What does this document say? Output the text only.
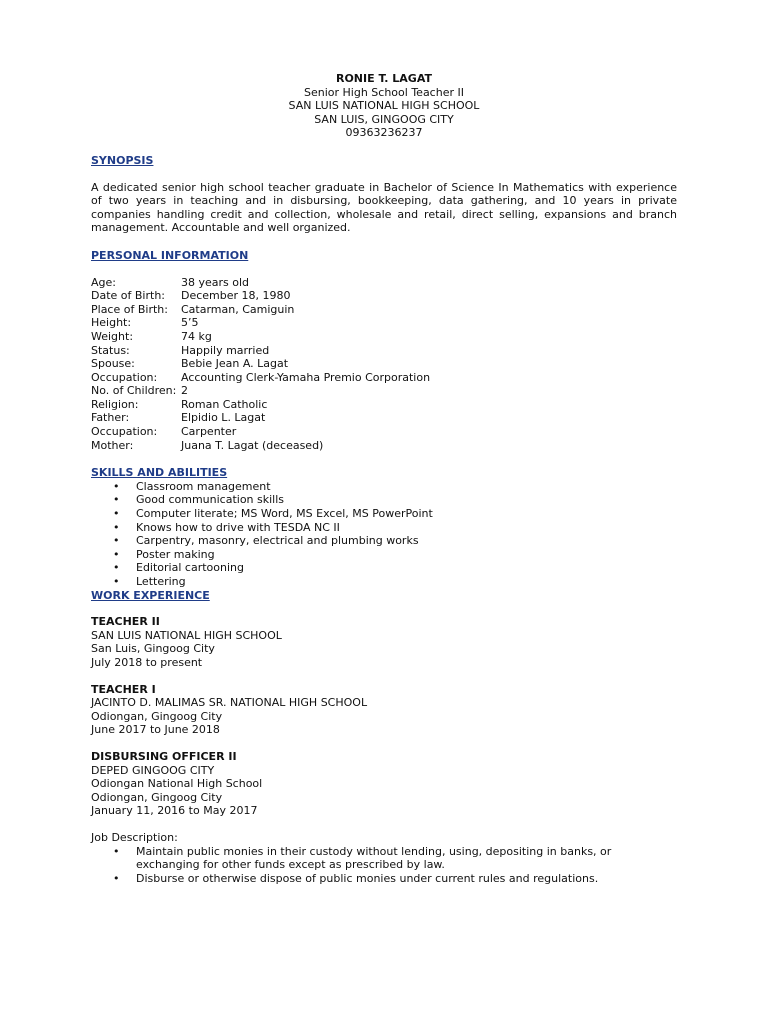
RONIE T. LAGAT
Senior High School Teacher II
SAN LUIS NATIONAL HIGH SCHOOL
SAN LUIS, GINGOOG CITY
09363236237
SYNOPSIS

A dedicated senior high school teacher graduate in Bachelor of Science In Mathematics with experience of two years in teaching and in disbursing, bookkeeping, data gathering, and 10 years in private companies handling credit and collection, wholesale and retail, direct selling, expansions and branch management. Accountable and well organized.

PERSONAL INFORMATION
Age:	38 years old
Date of Birth:	December 18, 1980
Place of Birth:	Catarman, Camiguin
Height:	5’5
Weight:	74 kg
Status:	Happily married
Spouse:	Bebie Jean A. Lagat
Occupation:	Accounting Clerk-Yamaha Premio Corporation
No. of Children: 2
Religion:	Roman Catholic
Father:	Elpidio L. Lagat
Occupation:	Carpenter
Mother:	Juana T. Lagat (deceased)
SKILLS AND ABILITIES
• Classroom management
• Good communication skills
• Computer literate; MS Word, MS Excel, MS PowerPoint
• Knows how to drive with TESDA NC II
• Carpentry, masonry, electrical and plumbing works
• Poster making
• Editorial cartooning
• Lettering
WORK EXPERIENCE
TEACHER II
SAN LUIS NATIONAL HIGH SCHOOL
San Luis, Gingoog City
July 2018 to present
TEACHER I
JACINTO D. MALIMAS SR. NATIONAL HIGH SCHOOL
Odiongan, Gingoog City
June 2017 to June 2018
DISBURSING OFFICER II
DEPED GINGOOG CITY
Odiongan National High School
Odiongan, Gingoog City
January 11, 2016 to May 2017
Job Description:
• Maintain public monies in their custody without lending, using, depositing in banks, or exchanging for other funds except as prescribed by law.
• Disburse or otherwise dispose of public monies under current rules and regulations.
